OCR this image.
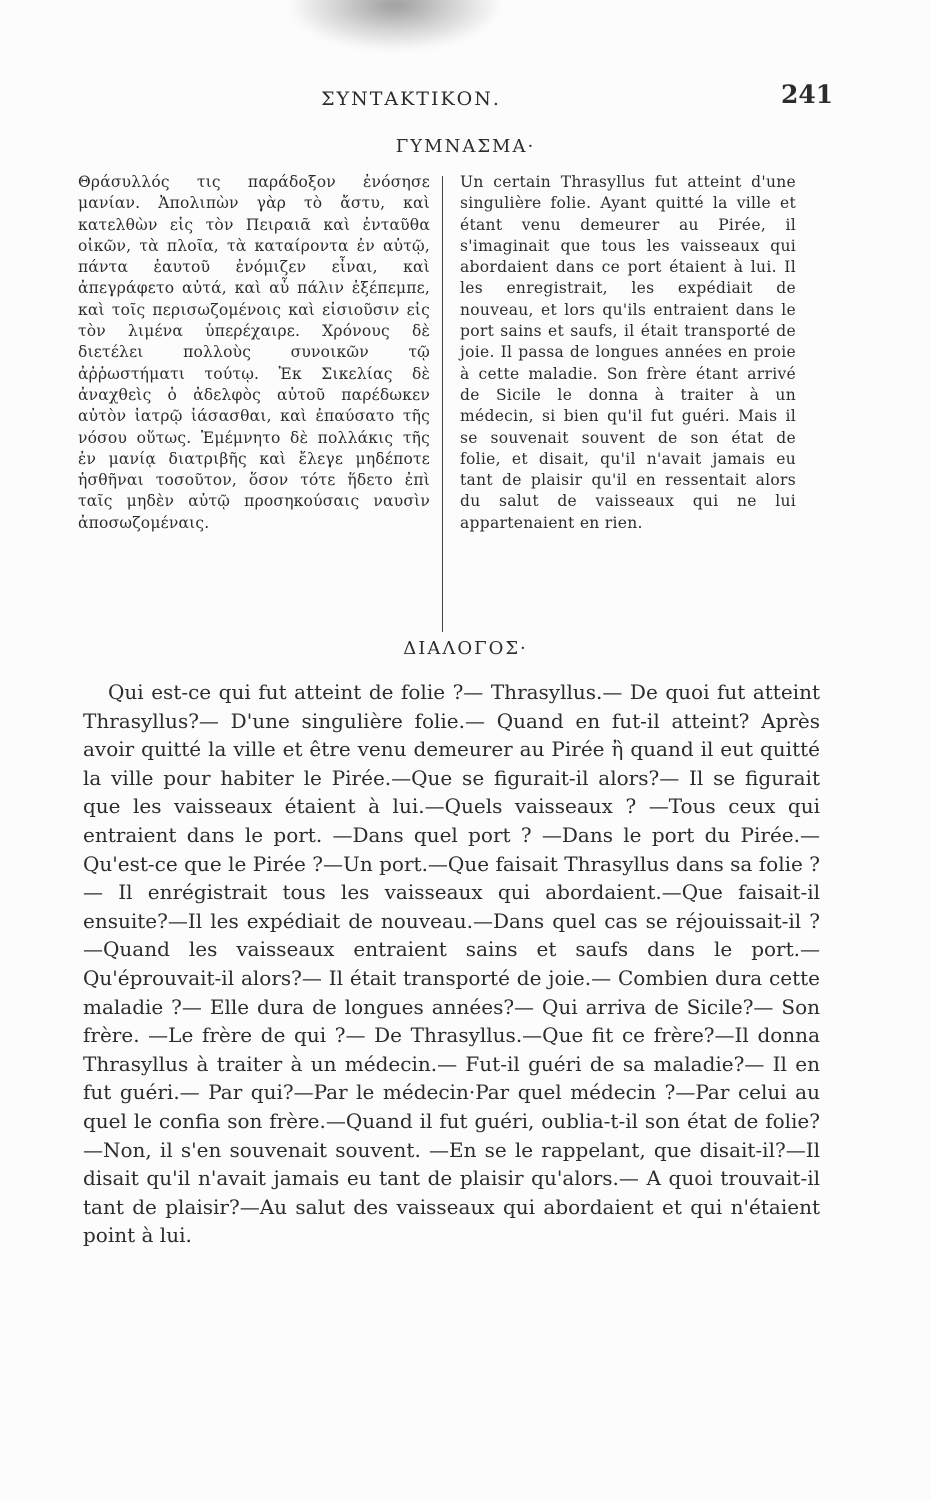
ΣΥΝΤΑΚΤΙΚΟΝ.	241
ΓΥΜΝΑΣΜΑ·
Θράσυλλός τις παράδοξον ἐνόσησε μανίαν. Ἀπολιπὼν γὰρ τὸ ἄστυ, καὶ κατελθὼν εἰς τὸν Πειραιᾶ καὶ ἐνταῦθα οἰκῶν, τὰ πλοῖα, τὰ καταίροντα ἐν αὐτῷ, πάντα ἑαυτοῦ ἐνόμιζεν εἶναι, καὶ ἀπεγράφετο αὐτά, καὶ αὖ πάλιν ἐξέπεμπε, καὶ τοῖς περισωζομένοις καὶ εἰσιοῦσιν εἰς τὸν λιμένα ὑπερέχαιρε. Χρόνους δὲ διετέλει πολλοὺς συνοικῶν τῷ ἀῤῥωστήματι τούτῳ. Ἐκ Σικελίας δὲ ἀναχθεὶς ὁ ἀδελφὸς αὐτοῦ παρέδωκεν αὐτὸν ἰατρῷ ἰάσασθαι, καὶ ἐπαύσατο τῆς νόσου οὕτως. Ἐμέμνητο δὲ πολλάκις τῆς ἐν μανίᾳ διατριβῆς καὶ ἔλεγε μηδέποτε ἡσθῆναι τοσοῦτον, ὅσον τότε ἥδετο ἐπὶ ταῖς μηδὲν αὐτῷ προσηκούσαις ναυσὶν ἀποσωζομέναις.
Un certain Thrasyllus fut atteint d'une singulière folie. Ayant quitté la ville et étant venu demeurer au Pirée, il s'imaginait que tous les vaisseaux qui abordaient dans ce port étaient à lui. Il les enregistrait, les expédiait de nouveau, et lors qu'ils entraient dans le port sains et saufs, il était transporté de joie. Il passa de longues années en proie à cette maladie. Son frère étant arrivé de Sicile le donna à traiter à un médecin, si bien qu'il fut guéri. Mais il se souvenait souvent de son état de folie, et disait, qu'il n'avait jamais eu tant de plaisir qu'il en ressentait alors du salut de vaisseaux qui ne lui appartenaient en rien.
ΔΙΑΛΟΓΟΣ·
Qui est-ce qui fut atteint de folie ?— Thrasyllus.— De quoi fut atteint Thrasyllus?— D'une singulière folie.— Quand en fut-il atteint? Après avoir quitté la ville et être venu demeurer au Pirée ἢ quand il eut quitté la ville pour habiter le Pirée.—Que se figurait-il alors?— Il se figurait que les vaisseaux étaient à lui.—Quels vaisseaux ? —Tous ceux qui entraient dans le port. —Dans quel port ? —Dans le port du Pirée.—Qu'est-ce que le Pirée ?—Un port.—Que faisait Thrasyllus dans sa folie ?— Il enrégistrait tous les vaisseaux qui abordaient.—Que faisait-il ensuite?—Il les expédiait de nouveau.—Dans quel cas se réjouissait-il ?—Quand les vaisseaux entraient sains et saufs dans le port.— Qu'éprouvait-il alors?— Il était transporté de joie.— Combien dura cette maladie ?— Elle dura de longues années?— Qui arriva de Sicile?— Son frère. —Le frère de qui ?— De Thrasyllus.—Que fit ce frère?—Il donna Thrasyllus à traiter à un médecin.— Fut-il guéri de sa maladie?— Il en fut guéri.— Par qui?—Par le médecin·Par quel médecin ?—Par celui au quel le confia son frère.—Quand il fut guéri, oublia-t-il son état de folie? —Non, il s'en souvenait souvent. —En se le rappelant, que disait-il?—Il disait qu'il n'avait jamais eu tant de plaisir qu'alors.— A quoi trouvait-il tant de plaisir?—Au salut des vaisseaux qui abordaient et qui n'étaient point à lui.
